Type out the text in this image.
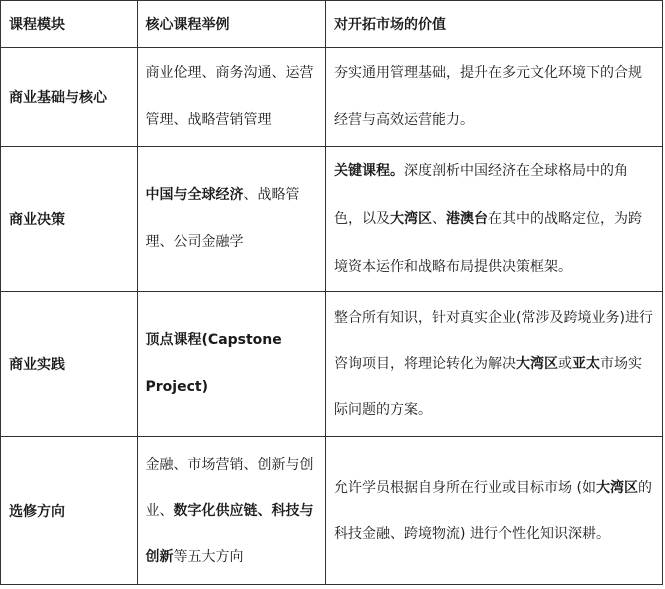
课程模块	核心课程举例	对开拓市场的价值
商业基础与核心	商业伦理、商务沟通、运营管理、战略营销管理	夯实通用管理基础，提升在多元文化环境下的合规经营与高效运营能力。

商业决策	中国与全球经济、战略管理、公司金融学	关键课程。深度剖析中国经济在全球格局中的角色，以及大湾区、港澳台在其中的战略定位，为跨境资本运作和战略布局提供决策框架。

商业实践	顶点课程(Capstone Project)	整合所有知识，针对真实企业(常涉及跨境业务)进行咨询项目，将理论转化为解决大湾区或亚太市场实际问题的方案。

选修方向	金融、市场营销、创新与创业、数字化供应链、科技与创新等五大方向	允许学员根据自身所在行业或目标市场 (如大湾区的科技金融、跨境物流) 进行个性化知识深耕。
